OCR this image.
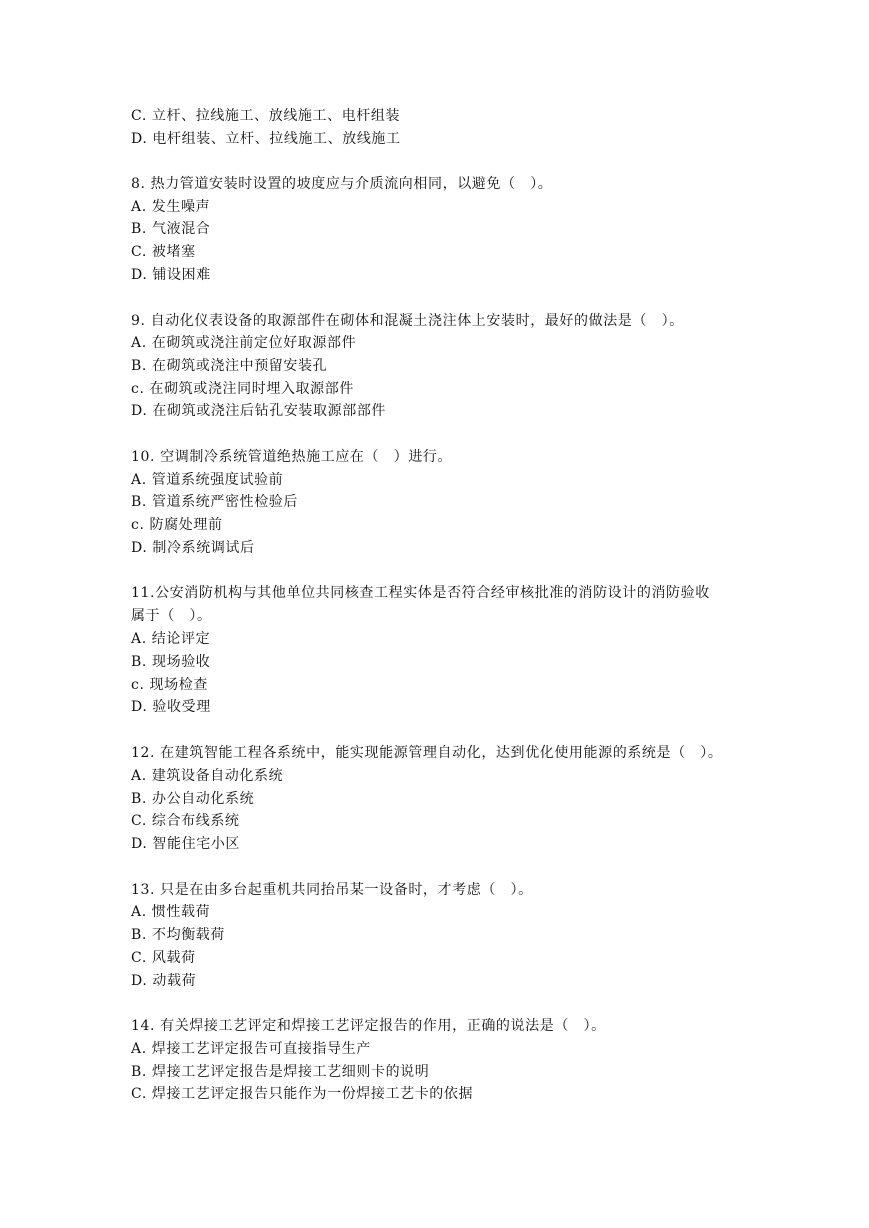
C. 立杆、拉线施工、放线施工、电杆组装
D. 电杆组装、立杆、拉线施工、放线施工
8. 热力管道安装时设置的坡度应与介质流向相同，以避免（　）。
A. 发生噪声
B. 气液混合
C. 被堵塞
D. 铺设困难
9. 自动化仪表设备的取源部件在砌体和混凝土浇注体上安装时，最好的做法是（　）。
A. 在砌筑或浇注前定位好取源部件
B. 在砌筑或浇注中预留安装孔
c. 在砌筑或浇注同时埋入取源部件
D. 在砌筑或浇注后钻孔安装取源部部件
10. 空调制冷系统管道绝热施工应在（　）进行。
A. 管道系统强度试验前
B. 管道系统严密性检验后
c. 防腐处理前
D. 制冷系统调试后
11.公安消防机构与其他单位共同核查工程实体是否符合经审核批准的消防设计的消防验收
属于（　）。
A. 结论评定
B. 现场验收
c. 现场检查
D. 验收受理
12. 在建筑智能工程各系统中，能实现能源管理自动化，达到优化使用能源的系统是（　）。
A. 建筑设备自动化系统
B. 办公自动化系统
C. 综合布线系统
D. 智能住宅小区
13. 只是在由多台起重机共同抬吊某一设备时，才考虑（　）。
A. 惯性载荷
B. 不均衡载荷
C. 风载荷
D. 动载荷
14. 有关焊接工艺评定和焊接工艺评定报告的作用，正确的说法是（　）。
A. 焊接工艺评定报告可直接指导生产
B. 焊接工艺评定报告是焊接工艺细则卡的说明
C. 焊接工艺评定报告只能作为一份焊接工艺卡的依据
